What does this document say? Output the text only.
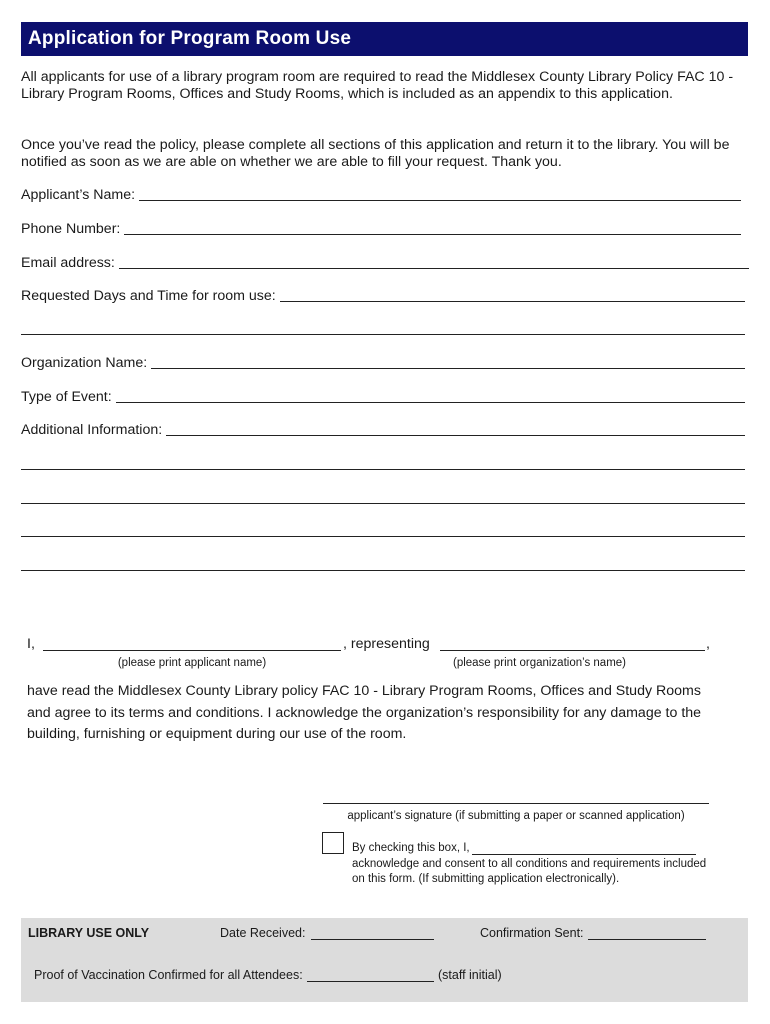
Application for Program Room Use

All applicants for use of a library program room are required to read the Middlesex County Library Policy FAC 10 - Library Program Rooms, Offices and Study Rooms, which is included as an appendix to this application.

Once you’ve read the policy, please complete all sections of this application and return it to the library. You will be notified as soon as we are able on whether we are able to fill your request. Thank you.

Applicant’s Name:
Phone Number:
Email address:
Requested Days and Time for room use:
Organization Name:
Type of Event:
Additional Information:
I,	, representing	,
(please print applicant name)	(please print organization’s name)

have read the Middlesex County Library policy FAC 10 - Library Program Rooms, Offices and Study Rooms and agree to its terms and conditions. I acknowledge the organization’s responsibility for any damage to the building, furnishing or equipment during our use of the room.

applicant’s signature (if submitting a paper or scanned application)
By checking this box, I,
acknowledge and consent to all conditions and requirements included on this form. (If submitting application electronically).
LIBRARY USE ONLY	Date Received:	Confirmation Sent:
Proof of Vaccination Confirmed for all Attendees:	(staff initial)
